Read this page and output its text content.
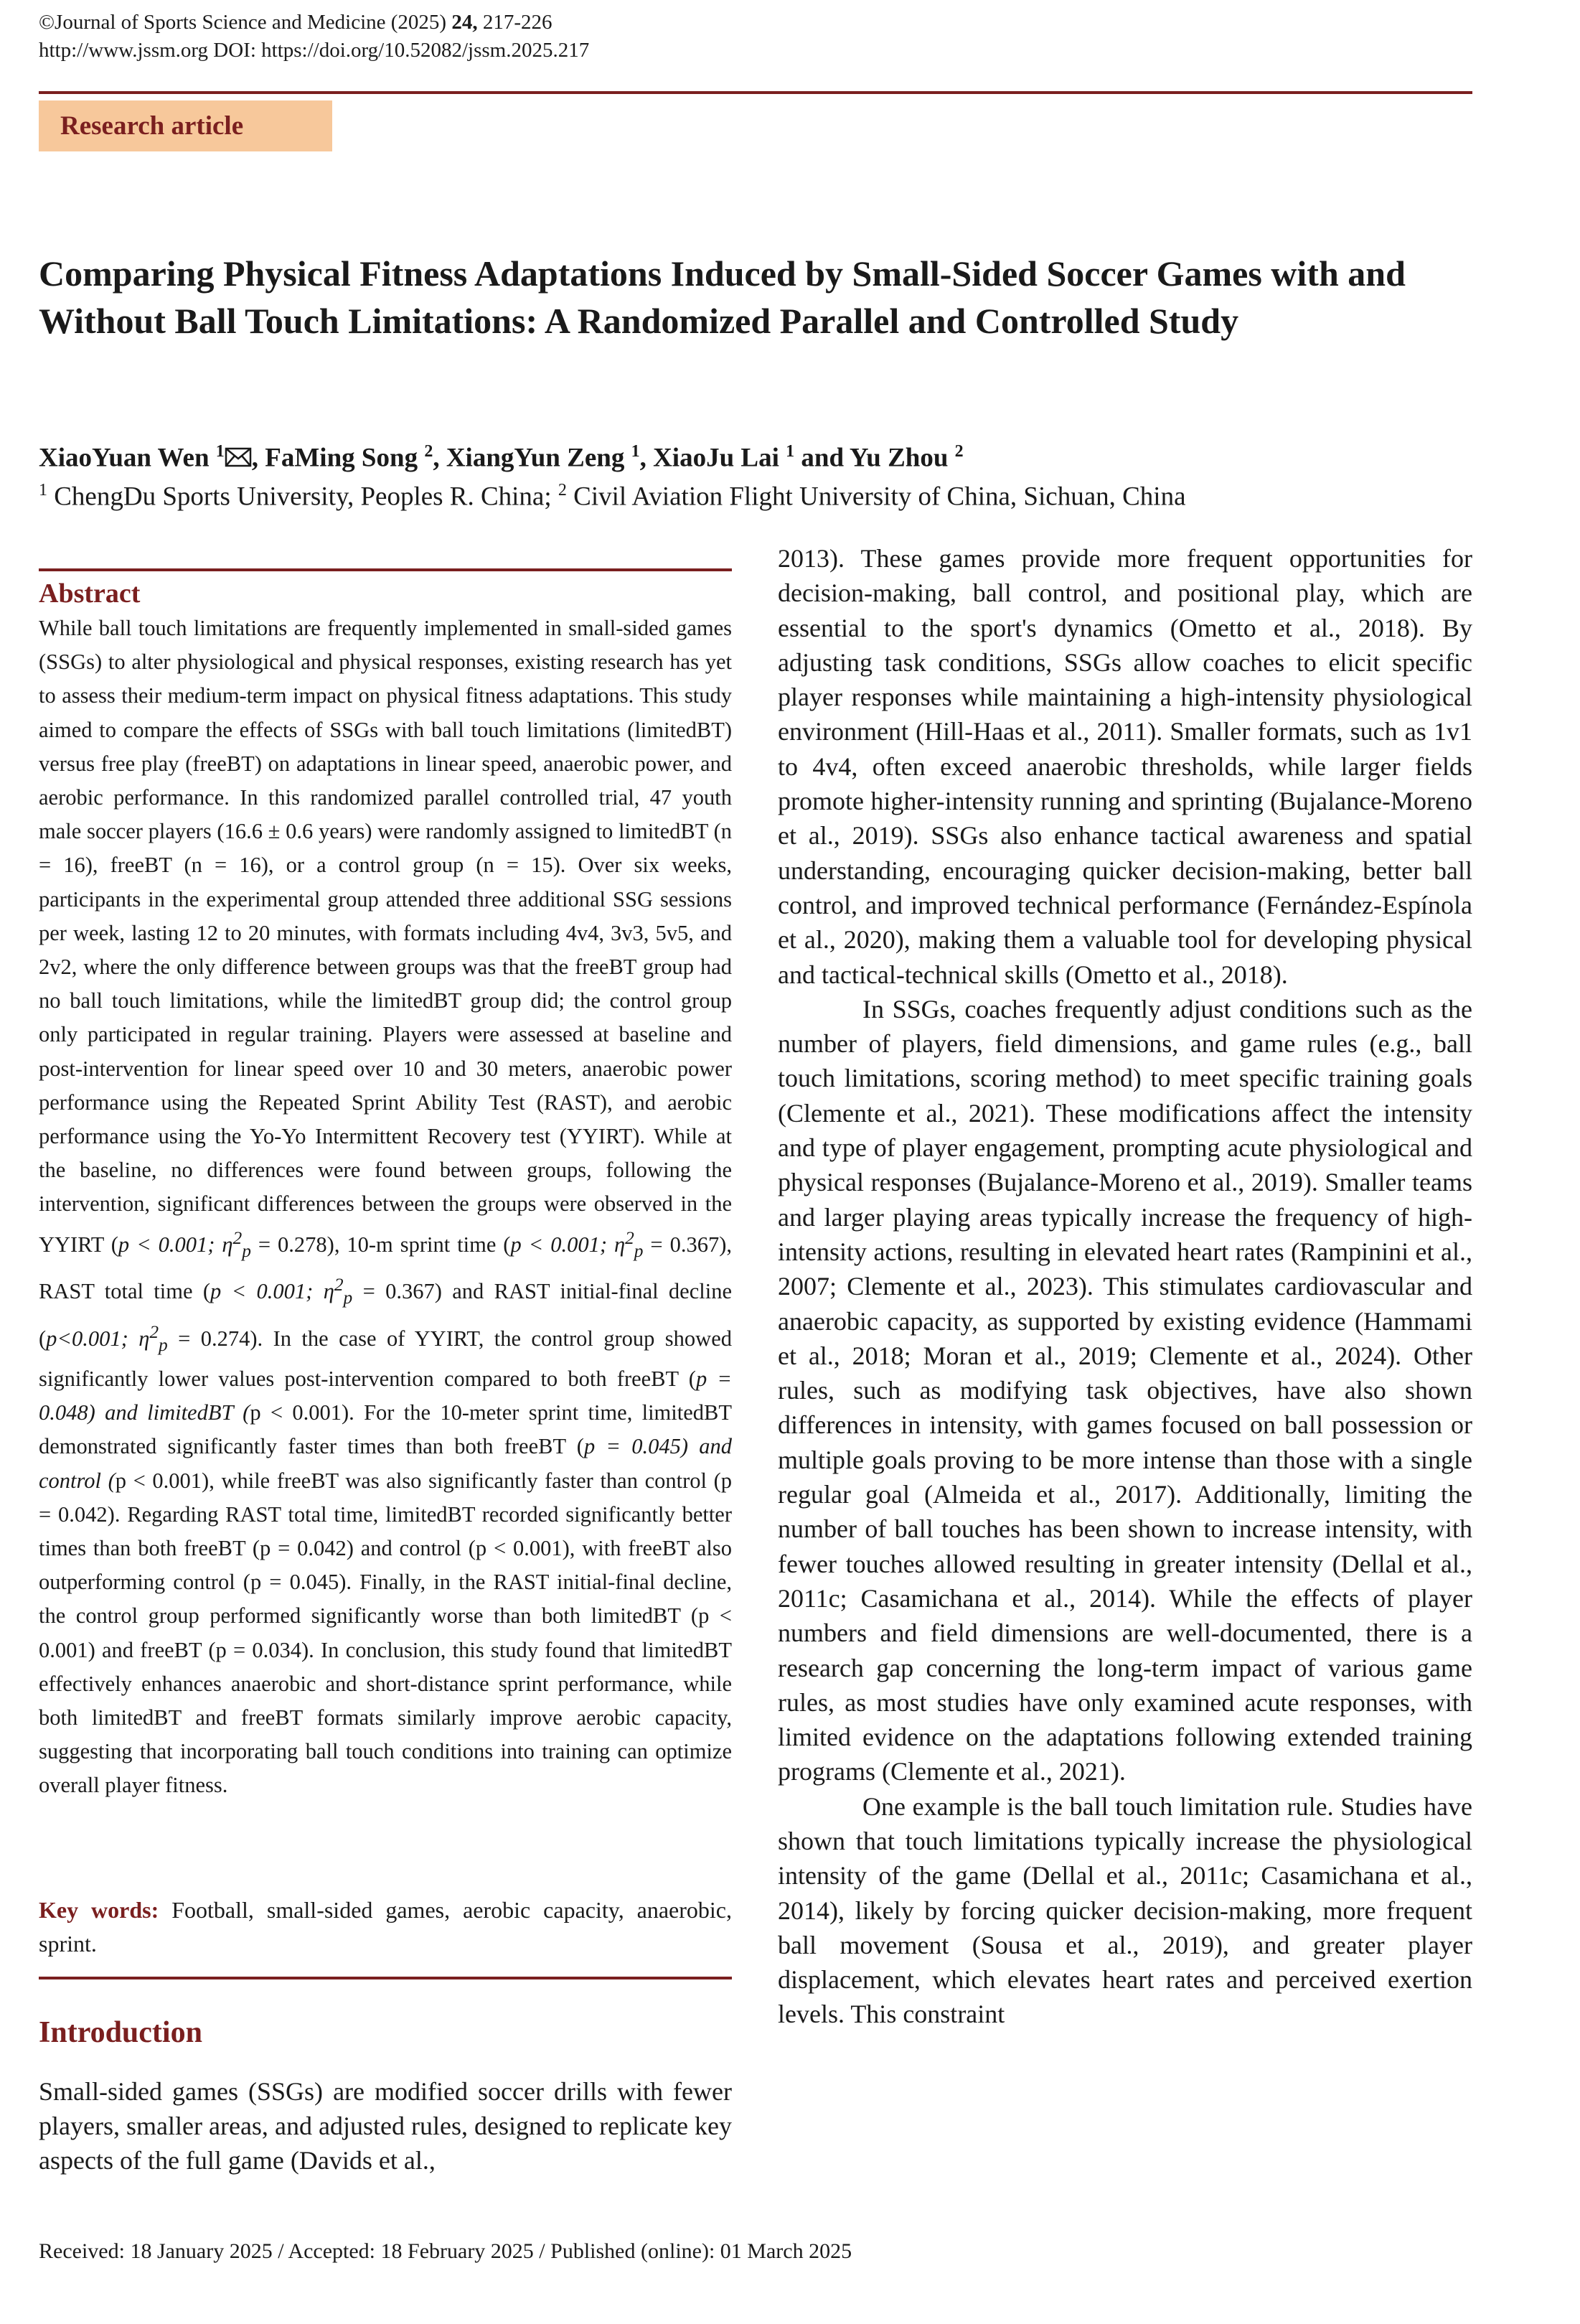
©Journal of Sports Science and Medicine (2025) 24, 217-226
http://www.jssm.org DOI: https://doi.org/10.52082/jssm.2025.217
Research article
Comparing Physical Fitness Adaptations Induced by Small-Sided Soccer Games with and Without Ball Touch Limitations: A Randomized Parallel and Controlled Study
XiaoYuan Wen $^1$ , FaMing Song $^2$, XiangYun Zeng $^1$, XiaoJu Lai $^1$ and Yu Zhou $^2$
$^1$ ChengDu Sports University, Peoples R. China; $^2$ Civil Aviation Flight University of China, Sichuan, China
Abstract
While ball touch limitations are frequently implemented in small-sided games (SSGs) to alter physiological and physical responses, existing research has yet to assess their medium-term impact on physical fitness adaptations. This study aimed to compare the effects of SSGs with ball touch limitations (limitedBT) versus free play (freeBT) on adaptations in linear speed, anaerobic power, and aerobic performance. In this randomized parallel controlled trial, 47 youth male soccer players (16.6 ± 0.6 years) were randomly assigned to limitedBT (n = 16), freeBT (n = 16), or a control group (n = 15). Over six weeks, participants in the experimental group attended three additional SSG sessions per week, lasting 12 to 20 minutes, with formats including 4v4, 3v3, 5v5, and 2v2, where the only difference between groups was that the freeBT group had no ball touch limitations, while the limitedBT group did; the control group only participated in regular training. Players were assessed at baseline and post-intervention for linear speed over 10 and 30 meters, anaerobic power performance using the Repeated Sprint Ability Test (RAST), and aerobic performance using the Yo-Yo Intermittent Recovery test (YYIRT). While at the baseline, no differences were found between groups, following the intervention, significant differences between the groups were observed in the YYIRT (p < 0.001; $\eta^2_p = 0.278$), 10-m sprint time (p < 0.001; $\eta^2_p = 0.367$), RAST total time (p < 0.001; $\eta^2_p = 0.367$) and RAST initial-final decline (p<0.001; $\eta^2_p = 0.274$). In the case of YYIRT, the control group showed significantly lower values post-intervention compared to both freeBT (p = 0.048) and limitedBT (p < 0.001). For the 10-meter sprint time, limitedBT demonstrated significantly faster times than both freeBT (p = 0.045) and control (p < 0.001), while freeBT was also significantly faster than control (p = 0.042). Regarding RAST total time, limitedBT recorded significantly better times than both freeBT (p = 0.042) and control (p < 0.001), with freeBT also outperforming control (p = 0.045). Finally, in the RAST initial-final decline, the control group performed significantly worse than both limitedBT (p < 0.001) and freeBT (p = 0.034). In conclusion, this study found that limitedBT effectively enhances anaerobic and short-distance sprint performance, while both limitedBT and freeBT formats similarly improve aerobic capacity, suggesting that incorporating ball touch conditions into training can optimize overall player fitness.
Key words: Football, small-sided games, aerobic capacity, anaerobic, sprint.
Introduction
Small-sided games (SSGs) are modified soccer drills with fewer players, smaller areas, and adjusted rules, designed to replicate key aspects of the full game (Davids et al.,

2013). These games provide more frequent opportunities for decision-making, ball control, and positional play, which are essential to the sport's dynamics (Ometto et al., 2018). By adjusting task conditions, SSGs allow coaches to elicit specific player responses while maintaining a high-intensity physiological environment (Hill-Haas et al., 2011). Smaller formats, such as 1v1 to 4v4, often exceed anaerobic thresholds, while larger fields promote higher-intensity running and sprinting (Bujalance-Moreno et al., 2019). SSGs also enhance tactical awareness and spatial understanding, encouraging quicker decision-making, better ball control, and improved technical performance (Fernández-Espínola et al., 2020), making them a valuable tool for developing physical and tactical-technical skills (Ometto et al., 2018).

In SSGs, coaches frequently adjust conditions such as the number of players, field dimensions, and game rules (e.g., ball touch limitations, scoring method) to meet specific training goals (Clemente et al., 2021). These modifications affect the intensity and type of player engagement, prompting acute physiological and physical responses (Bujalance-Moreno et al., 2019). Smaller teams and larger playing areas typically increase the frequency of high-intensity actions, resulting in elevated heart rates (Rampinini et al., 2007; Clemente et al., 2023). This stimulates cardiovascular and anaerobic capacity, as supported by existing evidence (Hammami et al., 2018; Moran et al., 2019; Clemente et al., 2024). Other rules, such as modifying task objectives, have also shown differences in intensity, with games focused on ball possession or multiple goals proving to be more intense than those with a single regular goal (Almeida et al., 2017). Additionally, limiting the number of ball touches has been shown to increase intensity, with fewer touches allowed resulting in greater intensity (Dellal et al., 2011c; Casamichana et al., 2014). While the effects of player numbers and field dimensions are well-documented, there is a research gap concerning the long-term impact of various game rules, as most studies have only examined acute responses, with limited evidence on the adaptations following extended training programs (Clemente et al., 2021).

One example is the ball touch limitation rule. Studies have shown that touch limitations typically increase the physiological intensity of the game (Dellal et al., 2011c; Casamichana et al., 2014), likely by forcing quicker decision-making, more frequent ball movement (Sousa et al., 2019), and greater player displacement, which elevates heart rates and perceived exertion levels. This constraint

Received: 18 January 2025 / Accepted: 18 February 2025 / Published (online): 01 March 2025
